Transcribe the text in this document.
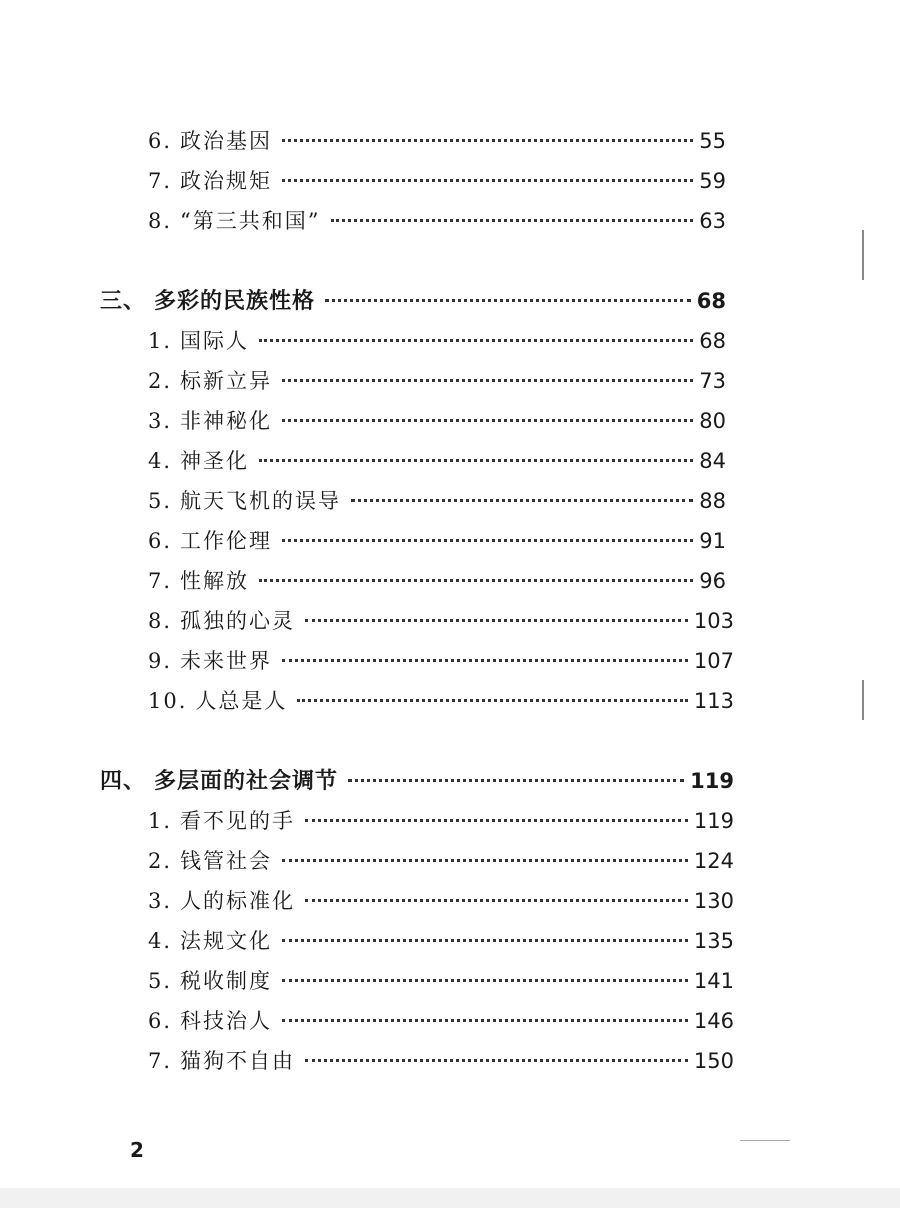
6. 政治基因	55
7. 政治规矩	59
8. “第三共和国”	63
三、 多彩的民族性格	68
1. 国际人	68
2. 标新立异	73
3. 非神秘化	80
4. 神圣化	84
5. 航天飞机的误导	88
6. 工作伦理	91
7. 性解放	96
8. 孤独的心灵	103
9. 未来世界	107
10. 人总是人	113
四、 多层面的社会调节	119
1. 看不见的手	119
2. 钱管社会	124
3. 人的标准化	130
4. 法规文化	135
5. 税收制度	141
6. 科技治人	146
7. 猫狗不自由	150
2
